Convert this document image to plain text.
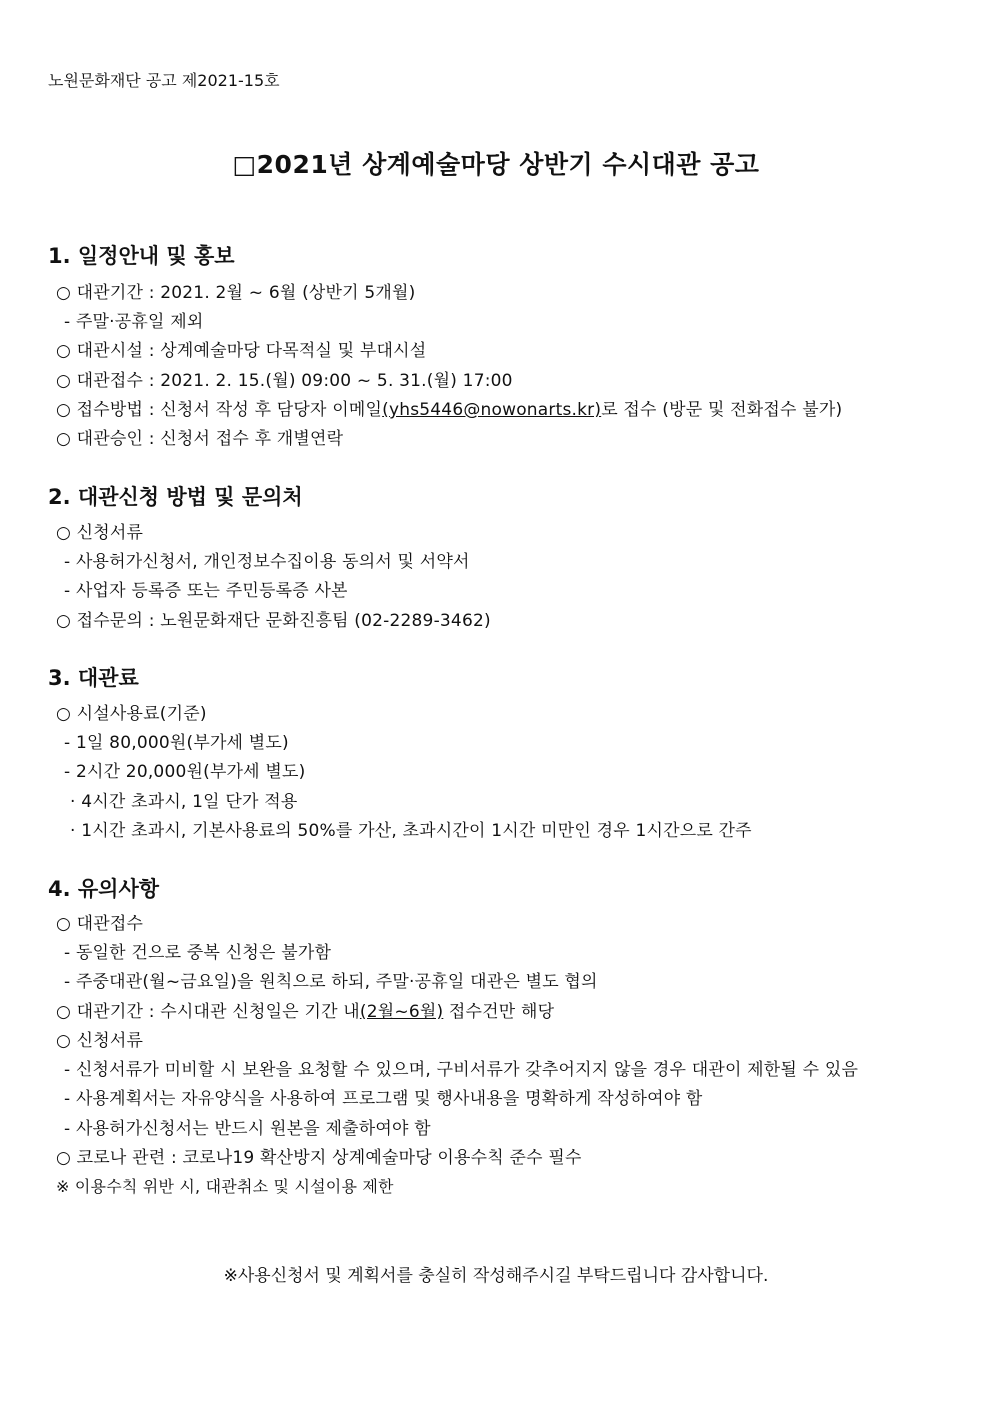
노원문화재단 공고 제2021-15호
□2021년 상계예술마당 상반기 수시대관 공고
1. 일정안내 및 홍보
○ 대관기간 : 2021. 2월 ~ 6월 (상반기 5개월)
- 주말·공휴일 제외
○ 대관시설 : 상계예술마당 다목적실 및 부대시설
○ 대관접수 : 2021. 2. 15.(월) 09:00 ~ 5. 31.(월) 17:00
○ 접수방법 : 신청서 작성 후 담당자 이메일(yhs5446@nowonarts.kr)로 접수 (방문 및 전화접수 불가)
○ 대관승인 : 신청서 접수 후 개별연락
2. 대관신청 방법 및 문의처
○ 신청서류
- 사용허가신청서, 개인정보수집이용 동의서 및 서약서
- 사업자 등록증 또는 주민등록증 사본
○ 접수문의 : 노원문화재단 문화진흥팀 (02-2289-3462)
3. 대관료
○ 시설사용료(기준)
- 1일 80,000원(부가세 별도)
- 2시간 20,000원(부가세 별도)
· 4시간 초과시, 1일 단가 적용
· 1시간 초과시, 기본사용료의 50%를 가산, 초과시간이 1시간 미만인 경우 1시간으로 간주
4. 유의사항
○ 대관접수
- 동일한 건으로 중복 신청은 불가함
- 주중대관(월~금요일)을 원칙으로 하되, 주말·공휴일 대관은 별도 협의
○ 대관기간 : 수시대관 신청일은 기간 내(2월~6월) 접수건만 해당
○ 신청서류
- 신청서류가 미비할 시 보완을 요청할 수 있으며, 구비서류가 갖추어지지 않을 경우 대관이 제한될 수 있음
- 사용계획서는 자유양식을 사용하여 프로그램 및 행사내용을 명확하게 작성하여야 함
- 사용허가신청서는 반드시 원본을 제출하여야 함
○ 코로나 관련 : 코로나19 확산방지 상계예술마당 이용수칙 준수 필수
※ 이용수칙 위반 시, 대관취소 및 시설이용 제한
※사용신청서 및 계획서를 충실히 작성해주시길 부탁드립니다 감사합니다.
